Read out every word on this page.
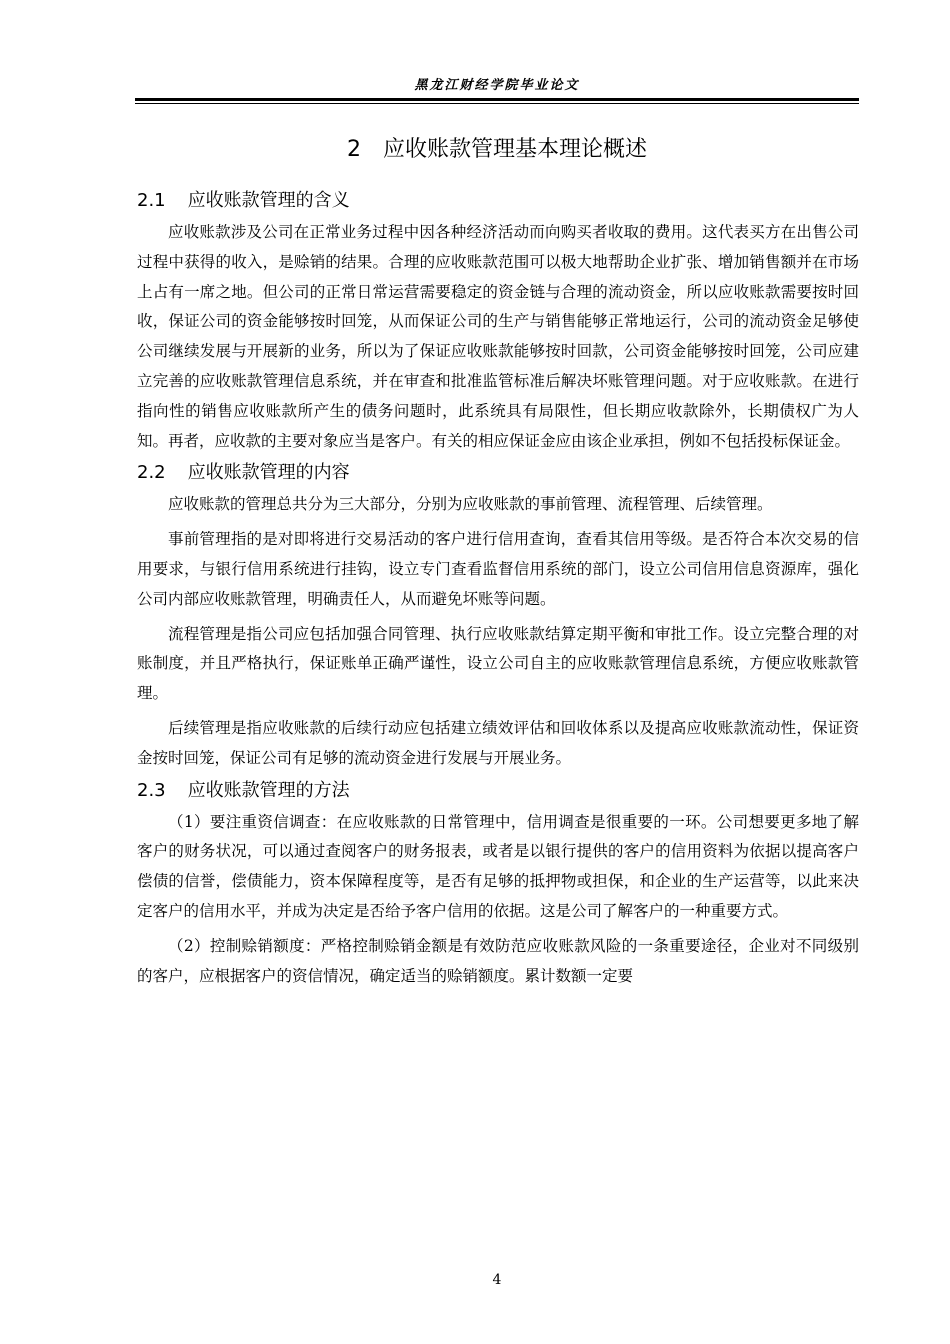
黑龙江财经学院毕业论文
2 应收账款管理基本理论概述
2.1 应收账款管理的含义

应收账款涉及公司在正常业务过程中因各种经济活动而向购买者收取的费用。这代表买方在出售公司过程中获得的收入，是赊销的结果。合理的应收账款范围可以极大地帮助企业扩张、增加销售额并在市场上占有一席之地。但公司的正常日常运营需要稳定的资金链与合理的流动资金，所以应收账款需要按时回收，保证公司的资金能够按时回笼，从而保证公司的生产与销售能够正常地运行，公司的流动资金足够使公司继续发展与开展新的业务，所以为了保证应收账款能够按时回款，公司资金能够按时回笼，公司应建立完善的应收账款管理信息系统，并在审查和批准监管标准后解决坏账管理问题。对于应收账款。在进行指向性的销售应收账款所产生的债务问题时，此系统具有局限性，但长期应收款除外，长期债权广为人知。再者，应收款的主要对象应当是客户。有关的相应保证金应由该企业承担，例如不包括投标保证金。

2.2 应收账款管理的内容

应收账款的管理总共分为三大部分，分别为应收账款的事前管理、流程管理、后续管理。

事前管理指的是对即将进行交易活动的客户进行信用查询，查看其信用等级。是否符合本次交易的信用要求，与银行信用系统进行挂钩，设立专门查看监督信用系统的部门，设立公司信用信息资源库，强化公司内部应收账款管理，明确责任人，从而避免坏账等问题。

流程管理是指公司应包括加强合同管理、执行应收账款结算定期平衡和审批工作。设立完整合理的对账制度，并且严格执行，保证账单正确严谨性，设立公司自主的应收账款管理信息系统，方便应收账款管理。

后续管理是指应收账款的后续行动应包括建立绩效评估和回收体系以及提高应收账款流动性，保证资金按时回笼，保证公司有足够的流动资金进行发展与开展业务。

2.3 应收账款管理的方法

（1）要注重资信调查：在应收账款的日常管理中，信用调查是很重要的一环。公司想要更多地了解客户的财务状况，可以通过查阅客户的财务报表，或者是以银行提供的客户的信用资料为依据以提高客户偿债的信誉，偿债能力，资本保障程度等，是否有足够的抵押物或担保，和企业的生产运营等，以此来决定客户的信用水平，并成为决定是否给予客户信用的依据。这是公司了解客户的一种重要方式。

（2）控制赊销额度：严格控制赊销金额是有效防范应收账款风险的一条重要途径，企业对不同级别的客户，应根据客户的资信情况，确定适当的赊销额度。累计数额一定要

4
